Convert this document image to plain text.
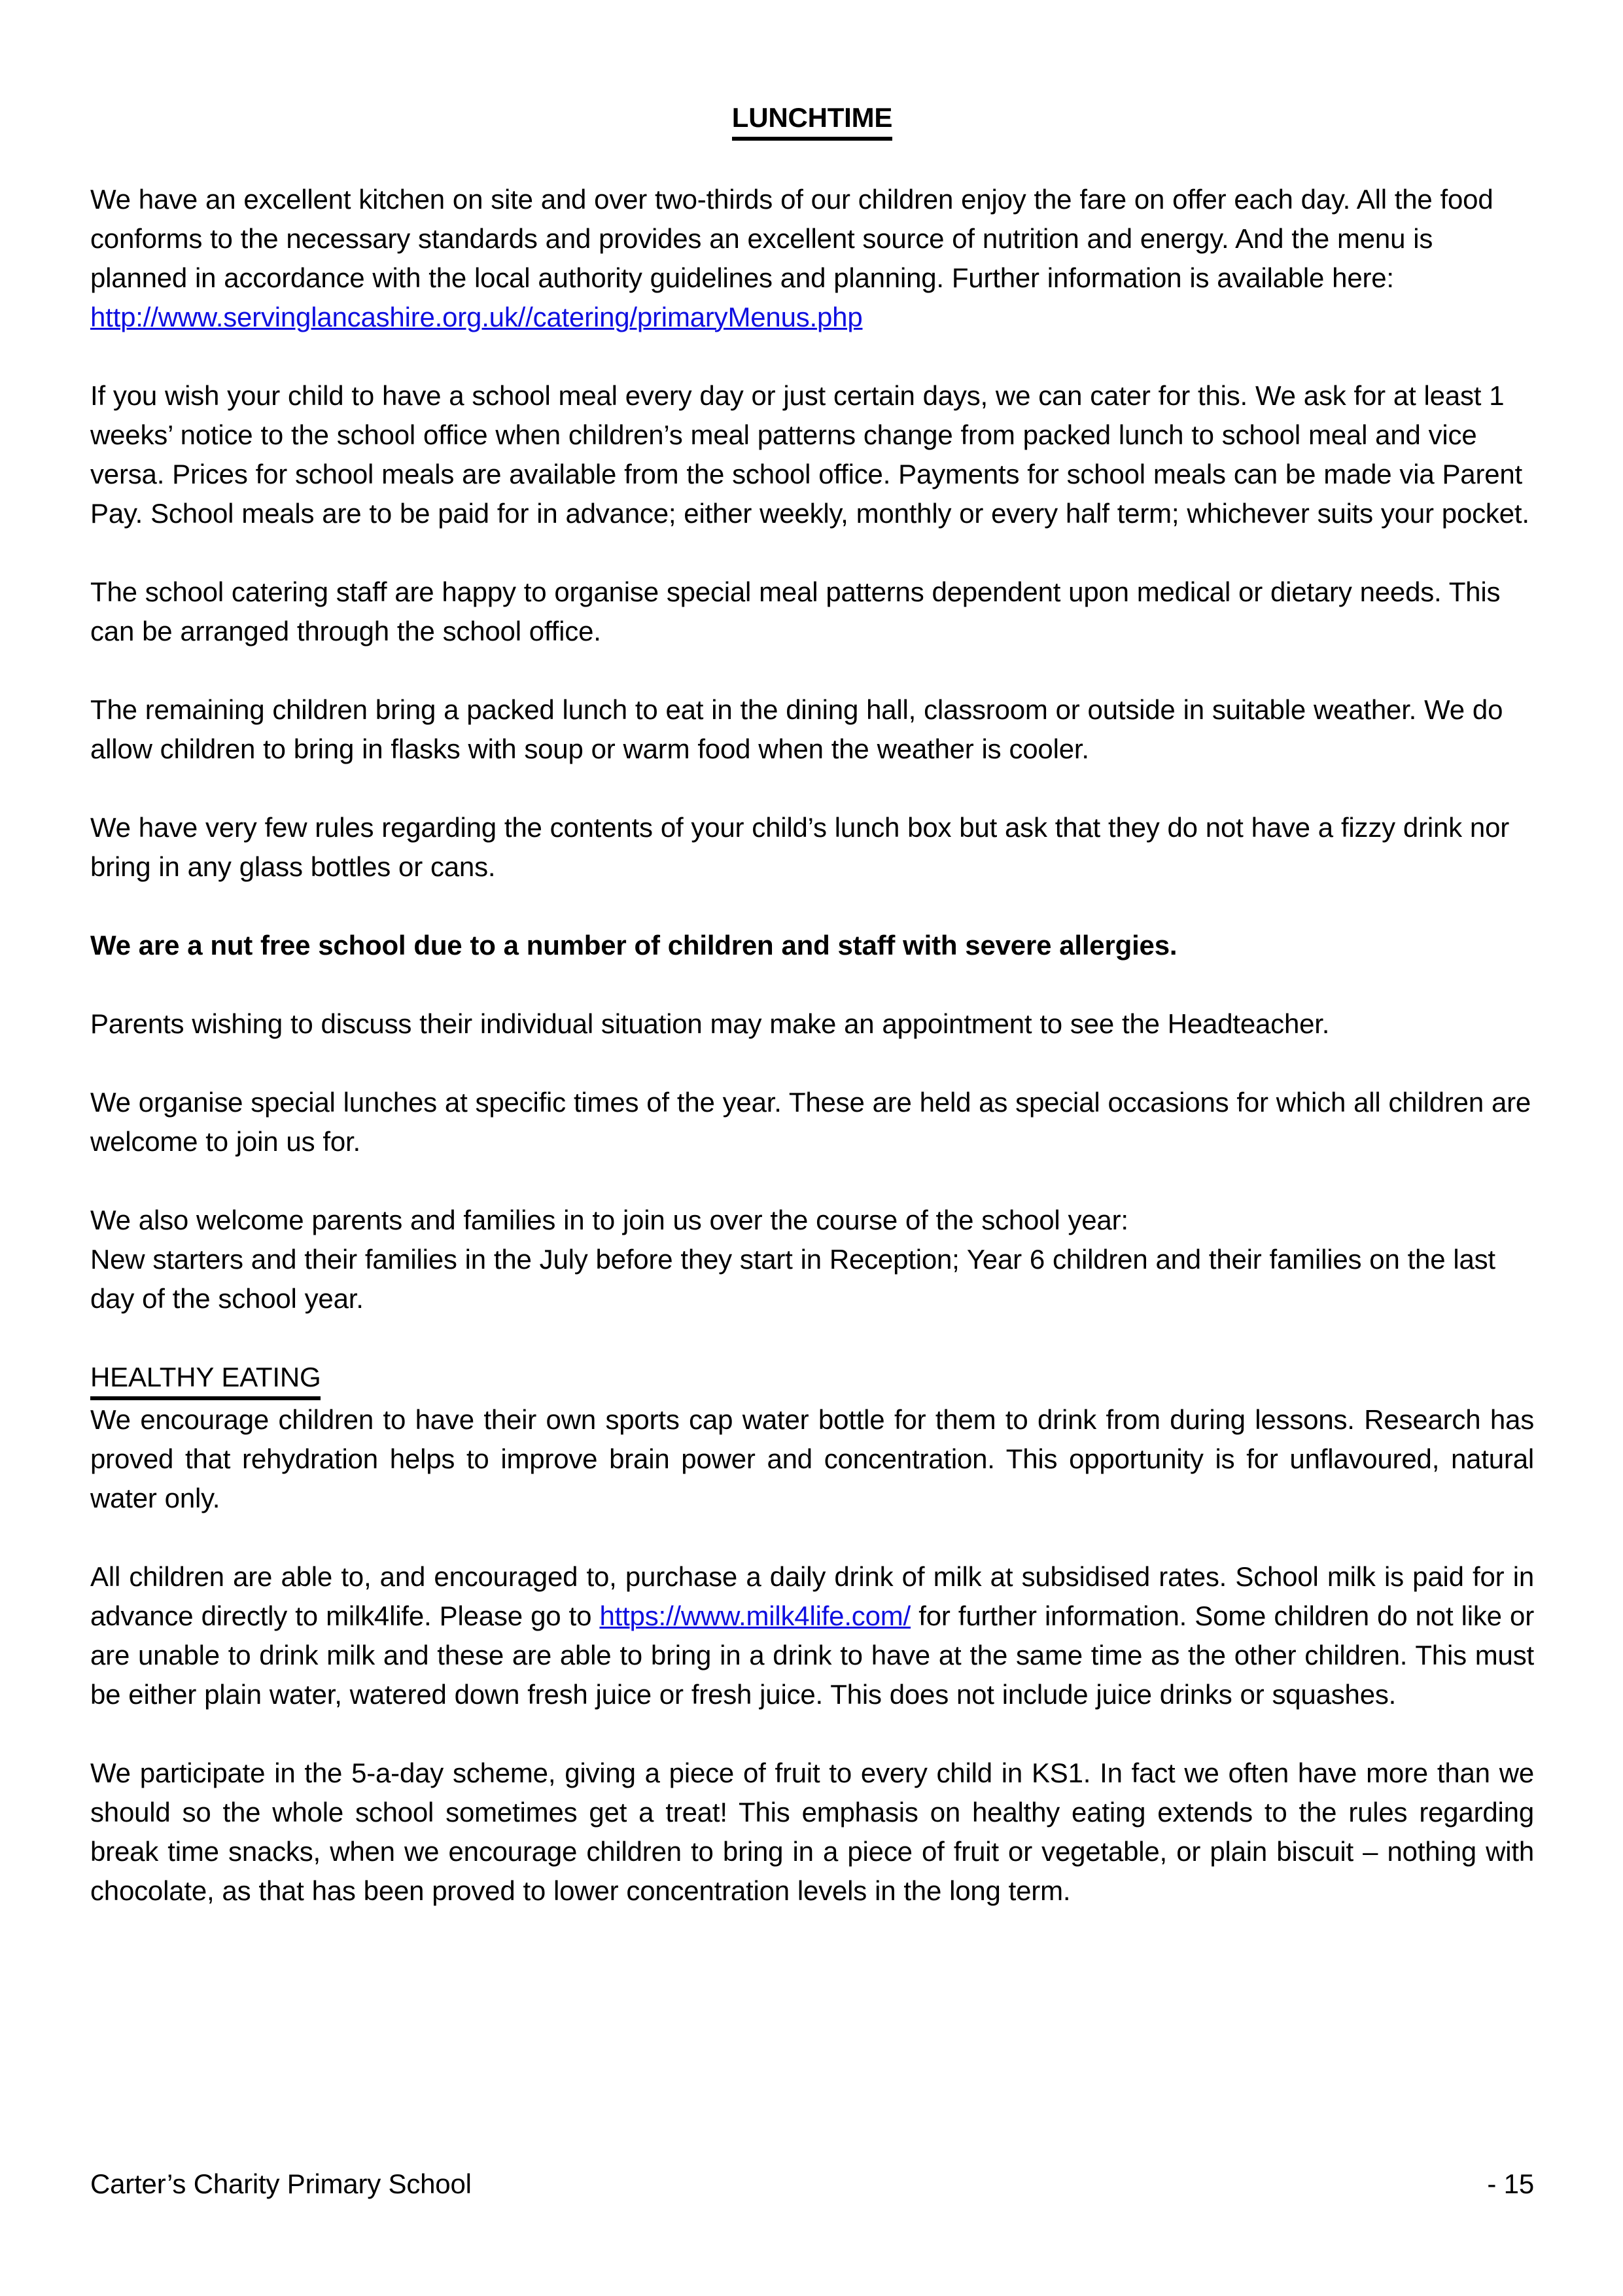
LUNCHTIME

We have an excellent kitchen on site and over two-thirds of our children enjoy the fare on offer each day. All the food conforms to the necessary standards and provides an excellent source of nutrition and energy. And the menu is planned in accordance with the local authority guidelines and planning. Further information is available here: http://www.servinglancashire.org.uk//catering/primaryMenus.php

If you wish your child to have a school meal every day or just certain days, we can cater for this. We ask for at least 1 weeks’ notice to the school office when children’s meal patterns change from packed lunch to school meal and vice versa. Prices for school meals are available from the school office. Payments for school meals can be made via Parent Pay. School meals are to be paid for in advance; either weekly, monthly or every half term; whichever suits your pocket.

The school catering staff are happy to organise special meal patterns dependent upon medical or dietary needs. This can be arranged through the school office.

The remaining children bring a packed lunch to eat in the dining hall, classroom or outside in suitable weather. We do allow children to bring in flasks with soup or warm food when the weather is cooler.

We have very few rules regarding the contents of your child’s lunch box but ask that they do not have a fizzy drink nor bring in any glass bottles or cans.

We are a nut free school due to a number of children and staff with severe allergies.

Parents wishing to discuss their individual situation may make an appointment to see the Headteacher.

We organise special lunches at specific times of the year. These are held as special occasions for which all children are welcome to join us for.

We also welcome parents and families in to join us over the course of the school year:
New starters and their families in the July before they start in Reception; Year 6 children and their families on the last day of the school year.

HEALTHY EATING

We encourage children to have their own sports cap water bottle for them to drink from during lessons. Research has proved that rehydration helps to improve brain power and concentration. This opportunity is for unflavoured, natural water only.

All children are able to, and encouraged to, purchase a daily drink of milk at subsidised rates. School milk is paid for in advance directly to milk4life. Please go to https://www.milk4life.com/ for further information. Some children do not like or are unable to drink milk and these are able to bring in a drink to have at the same time as the other children. This must be either plain water, watered down fresh juice or fresh juice. This does not include juice drinks or squashes.

We participate in the 5-a-day scheme, giving a piece of fruit to every child in KS1. In fact we often have more than we should so the whole school sometimes get a treat! This emphasis on healthy eating extends to the rules regarding break time snacks, when we encourage children to bring in a piece of fruit or vegetable, or plain biscuit – nothing with chocolate, as that has been proved to lower concentration levels in the long term.

Carter’s Charity Primary School	- 15
